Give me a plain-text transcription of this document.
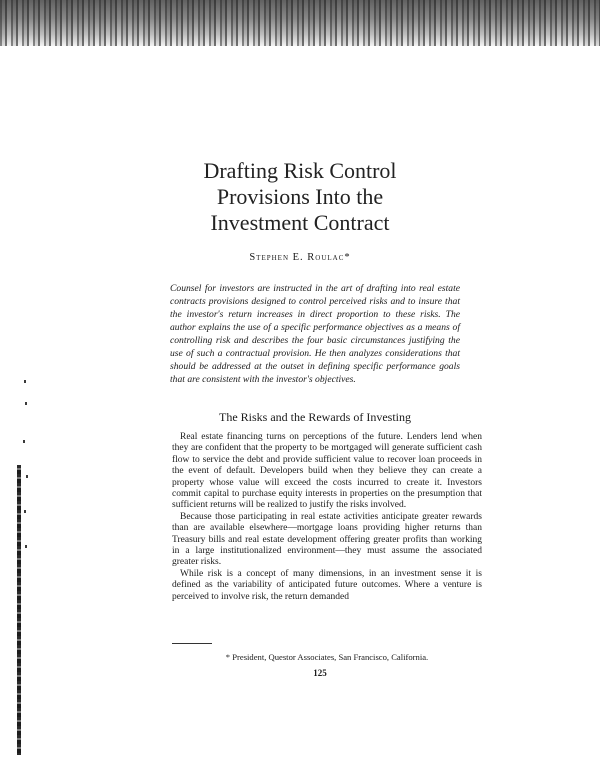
Drafting Risk Control
Provisions Into the
Investment Contract
Stephen E. Roulac*
Counsel for investors are instructed in the art of drafting into real estate contracts provisions designed to control perceived risks and to insure that the investor's return increases in direct proportion to these risks. The author explains the use of a specific performance objectives as a means of controlling risk and describes the four basic circumstances justifying the use of such a contractual provision. He then analyzes considerations that should be addressed at the outset in defining specific performance goals that are consistent with the investor's objectives.
The Risks and the Rewards of Investing

Real estate financing turns on perceptions of the future. Lenders lend when they are confident that the property to be mortgaged will generate sufficient cash flow to service the debt and provide sufficient value to recover loan proceeds in the event of default. Developers build when they believe they can create a property whose value will exceed the costs incurred to create it. Investors commit capital to purchase equity interests in properties on the presumption that sufficient returns will be realized to justify the risks involved.

Because those participating in real estate activities anticipate greater rewards than are available elsewhere—mortgage loans providing higher returns than Treasury bills and real estate development offering greater profits than working in a large institutionalized environment—they must assume the associated greater risks.

While risk is a concept of many dimensions, in an investment sense it is defined as the variability of anticipated future outcomes. Where a venture is perceived to involve risk, the return demanded

* President, Questor Associates, San Francisco, California.
125
